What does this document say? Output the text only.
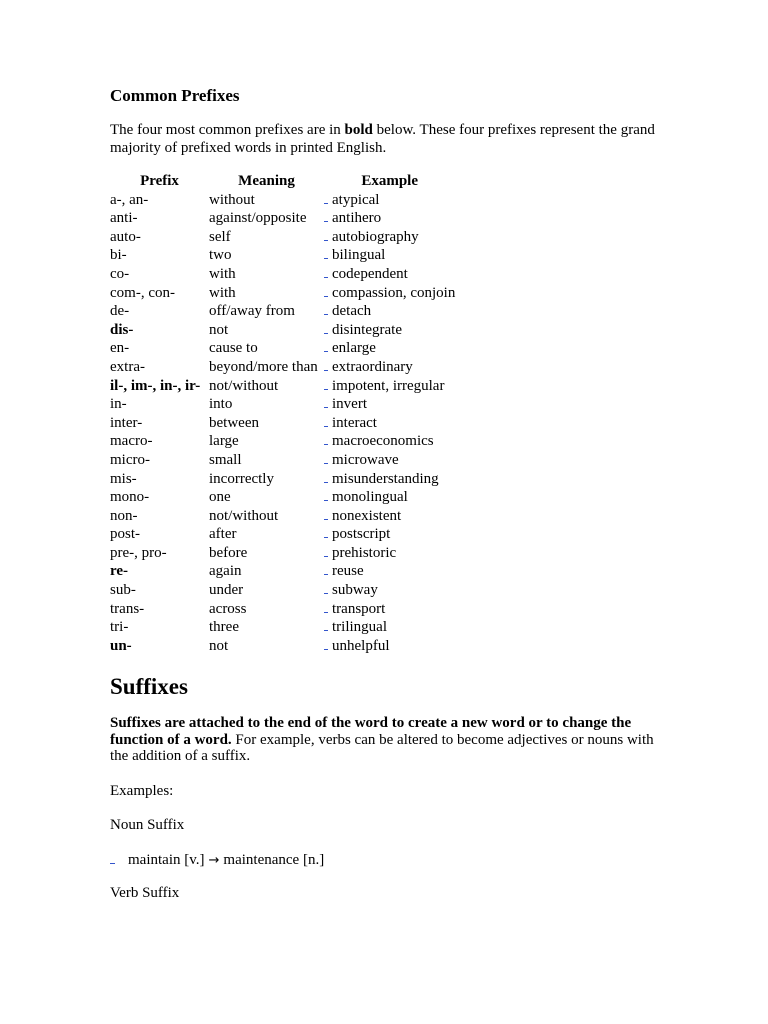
Common Prefixes

The four most common prefixes are in bold below. These four prefixes represent the grand majority of prefixed words in printed English.

Prefix	Meaning	Example
a-, an-	without	atypical
anti-	against/opposite	antihero
auto-	self	autobiography
bi-	two	bilingual
co-	with	codependent
com-, con-	with	compassion, conjoin
de-	off/away from	detach
dis-	not	disintegrate
en-	cause to	enlarge
extra-	beyond/more than	extraordinary
il-, im-, in-, ir-	not/without	impotent, irregular
in-	into	invert
inter-	between	interact
macro-	large	macroeconomics
micro-	small	microwave
mis-	incorrectly	misunderstanding
mono-	one	monolingual
non-	not/without	nonexistent
post-	after	postscript
pre-, pro-	before	prehistoric
re-	again	reuse
sub-	under	subway
trans-	across	transport
tri-	three	trilingual
un-	not	unhelpful
Suffixes

Suffixes are attached to the end of the word to create a new word or to change the function of a word. For example, verbs can be altered to become adjectives or nouns with the addition of a suffix.

Examples:

Noun Suffix

maintain [v.] → maintenance [n.]

Verb Suffix
